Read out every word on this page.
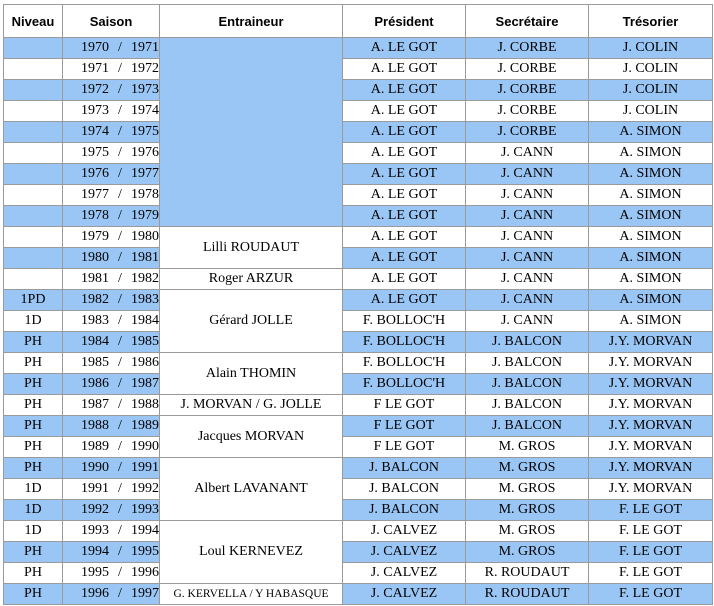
Niveau	Saison	Entraineur	Président	Secrétaire	Trésorier
	1970 / 1971		A. LE GOT	J. CORBE	J. COLIN
	1971 / 1972		A. LE GOT	J. CORBE	J. COLIN
	1972 / 1973		A. LE GOT	J. CORBE	J. COLIN
	1973 / 1974		A. LE GOT	J. CORBE	J. COLIN
	1974 / 1975		A. LE GOT	J. CORBE	A. SIMON
	1975 / 1976		A. LE GOT	J. CANN	A. SIMON
	1976 / 1977		A. LE GOT	J. CANN	A. SIMON
	1977 / 1978		A. LE GOT	J. CANN	A. SIMON
	1978 / 1979		A. LE GOT	J. CANN	A. SIMON
	1979 / 1980	Lilli ROUDAUT	A. LE GOT	J. CANN	A. SIMON
	1980 / 1981		A. LE GOT	J. CANN	A. SIMON
	1981 / 1982	Roger ARZUR	A. LE GOT	J. CANN	A. SIMON
1PD	1982 / 1983	Gérard JOLLE	A. LE GOT	J. CANN	A. SIMON
1D	1983 / 1984		F. BOLLOC'H	J. CANN	A. SIMON
PH	1984 / 1985		F. BOLLOC'H	J. BALCON	J.Y. MORVAN
PH	1985 / 1986	Alain THOMIN	F. BOLLOC'H	J. BALCON	J.Y. MORVAN
PH	1986 / 1987		F. BOLLOC'H	J. BALCON	J.Y. MORVAN
PH	1987 / 1988	J. MORVAN / G. JOLLE	F LE GOT	J. BALCON	J.Y. MORVAN
PH	1988 / 1989	Jacques MORVAN	F LE GOT	J. BALCON	J.Y. MORVAN
PH	1989 / 1990		F LE GOT	M. GROS	J.Y. MORVAN
PH	1990 / 1991	Albert LAVANANT	J. BALCON	M. GROS	J.Y. MORVAN
1D	1991 / 1992		J. BALCON	M. GROS	J.Y. MORVAN
1D	1992 / 1993		J. BALCON	M. GROS	F. LE GOT
1D	1993 / 1994	Loul KERNEVEZ	J. CALVEZ	M. GROS	F. LE GOT
PH	1994 / 1995		J. CALVEZ	M. GROS	F. LE GOT
PH	1995 / 1996		J. CALVEZ	R. ROUDAUT	F. LE GOT
PH	1996 / 1997	G. KERVELLA / Y HABASQUE	J. CALVEZ	R. ROUDAUT	F. LE GOT
